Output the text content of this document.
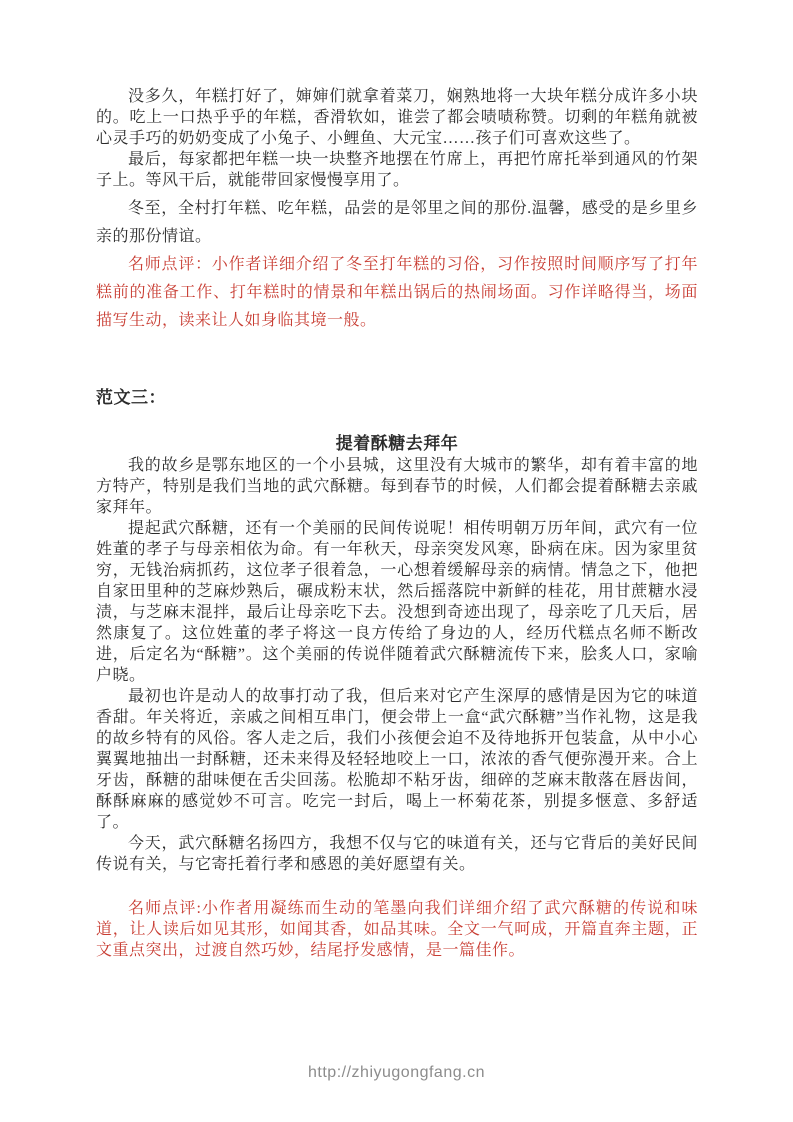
没多久，年糕打好了，婶婶们就拿着菜刀，娴熟地将一大块年糕分成许多小块的。吃上一口热乎乎的年糕，香滑软如，谁尝了都会啧啧称赞。切剩的年糕角就被心灵手巧的奶奶变成了小兔子、小鲤鱼、大元宝……孩子们可喜欢这些了。

最后，每家都把年糕一块一块整齐地摆在竹席上，再把竹席托举到通风的竹架子上。等风干后，就能带回家慢慢享用了。

冬至，全村打年糕、吃年糕，品尝的是邻里之间的那份.温馨，感受的是乡里乡亲的那份情谊。

名师点评：小作者详细介绍了冬至打年糕的习俗，习作按照时间顺序写了打年糕前的准备工作、打年糕时的情景和年糕出锅后的热闹场面。习作详略得当，场面描写生动，读来让人如身临其境一般。

范文三：

提着酥糖去拜年

我的故乡是鄂东地区的一个小县城，这里没有大城市的繁华，却有着丰富的地方特产，特别是我们当地的武穴酥糖。每到春节的时候，人们都会提着酥糖去亲戚家拜年。

提起武穴酥糖，还有一个美丽的民间传说呢！相传明朝万历年间，武穴有一位姓董的孝子与母亲相依为命。有一年秋天，母亲突发风寒，卧病在床。因为家里贫穷，无钱治病抓药，这位孝子很着急，一心想着缓解母亲的病情。情急之下，他把自家田里种的芝麻炒熟后，碾成粉末状，然后摇落院中新鲜的桂花，用甘蔗糖水浸渍，与芝麻末混拌，最后让母亲吃下去。没想到奇迹出现了，母亲吃了几天后，居然康复了。这位姓董的孝子将这一良方传给了身边的人，经历代糕点名师不断改进，后定名为“酥糖”。这个美丽的传说伴随着武穴酥糖流传下来，脍炙人口，家喻户晓。

最初也许是动人的故事打动了我，但后来对它产生深厚的感情是因为它的味道香甜。年关将近，亲戚之间相互串门，便会带上一盒“武穴酥糖”当作礼物，这是我的故乡特有的风俗。客人走之后，我们小孩便会迫不及待地拆开包装盒，从中小心翼翼地抽出一封酥糖，还未来得及轻轻地咬上一口，浓浓的香气便弥漫开来。合上牙齿，酥糖的甜味便在舌尖回荡。松脆却不粘牙齿，细碎的芝麻末散落在唇齿间，酥酥麻麻的感觉妙不可言。吃完一封后，喝上一杯菊花茶，别提多惬意、多舒适了。

今天，武穴酥糖名扬四方，我想不仅与它的味道有关，还与它背后的美好民间传说有关，与它寄托着行孝和感恩的美好愿望有关。

名师点评:小作者用凝练而生动的笔墨向我们详细介绍了武穴酥糖的传说和味道，让人读后如见其形，如闻其香，如品其味。全文一气呵成，开篇直奔主题，正文重点突出，过渡自然巧妙，结尾抒发感情，是一篇佳作。

http://zhiyugongfang.cn
